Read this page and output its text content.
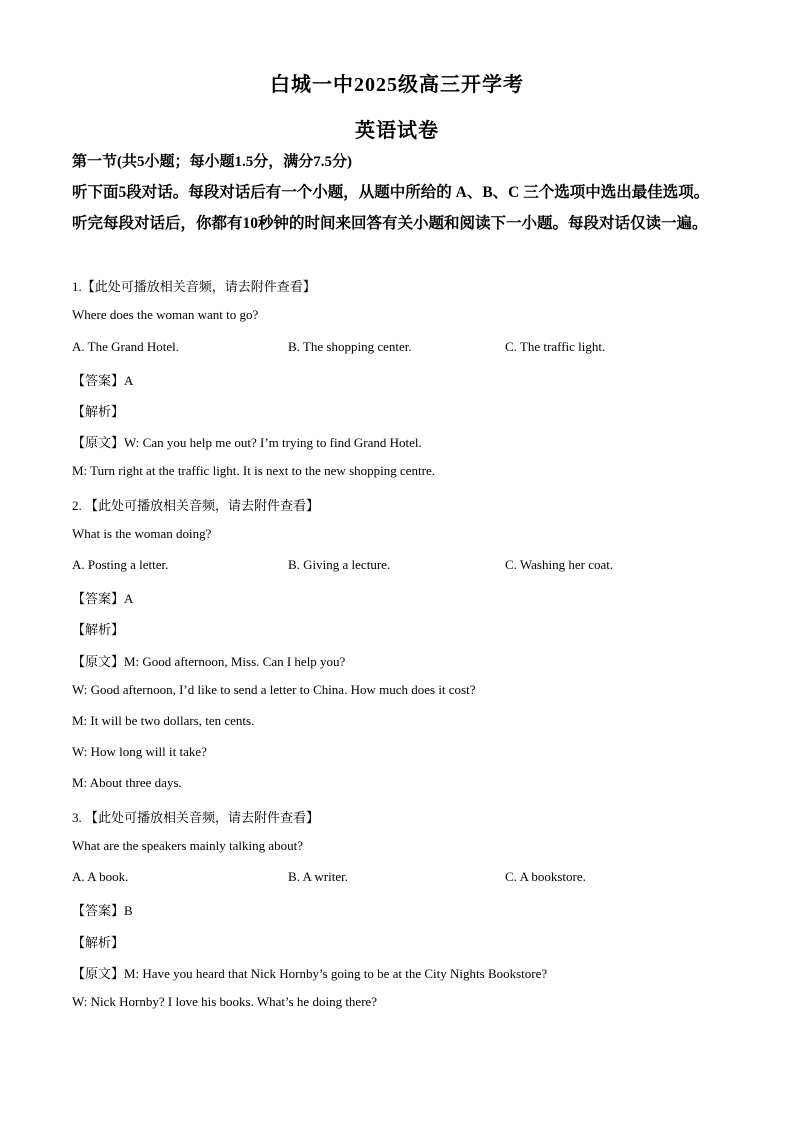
白城一中2025级高三开学考
英语试卷
第一节(共5小题；每小题1.5分，满分7.5分)
听下面5段对话。每段对话后有一个小题，从题中所给的 A、B、C 三个选项中选出最佳选项。听完每段对话后，你都有10秒钟的时间来回答有关小题和阅读下一小题。每段对话仅读一遍。
1.【此处可播放相关音频，请去附件查看】
Where does the woman want to go?
A. The Grand Hotel.	B. The shopping center.	C. The traffic light.
【答案】A
【解析】
【原文】W: Can you help me out? I’m trying to find Grand Hotel.
M: Turn right at the traffic light. It is next to the new shopping centre.
2. 【此处可播放相关音频，请去附件查看】
What is the woman doing?
A. Posting a letter.	B. Giving a lecture.	C. Washing her coat.
【答案】A
【解析】
【原文】M: Good afternoon, Miss. Can I help you?
W: Good afternoon, I’d like to send a letter to China. How much does it cost?
M: It will be two dollars, ten cents.
W: How long will it take?
M: About three days.
3. 【此处可播放相关音频，请去附件查看】
What are the speakers mainly talking about?
A. A book.	B. A writer.	C. A bookstore.
【答案】B
【解析】
【原文】M: Have you heard that Nick Hornby’s going to be at the City Nights Bookstore?
W: Nick Hornby? I love his books. What’s he doing there?
